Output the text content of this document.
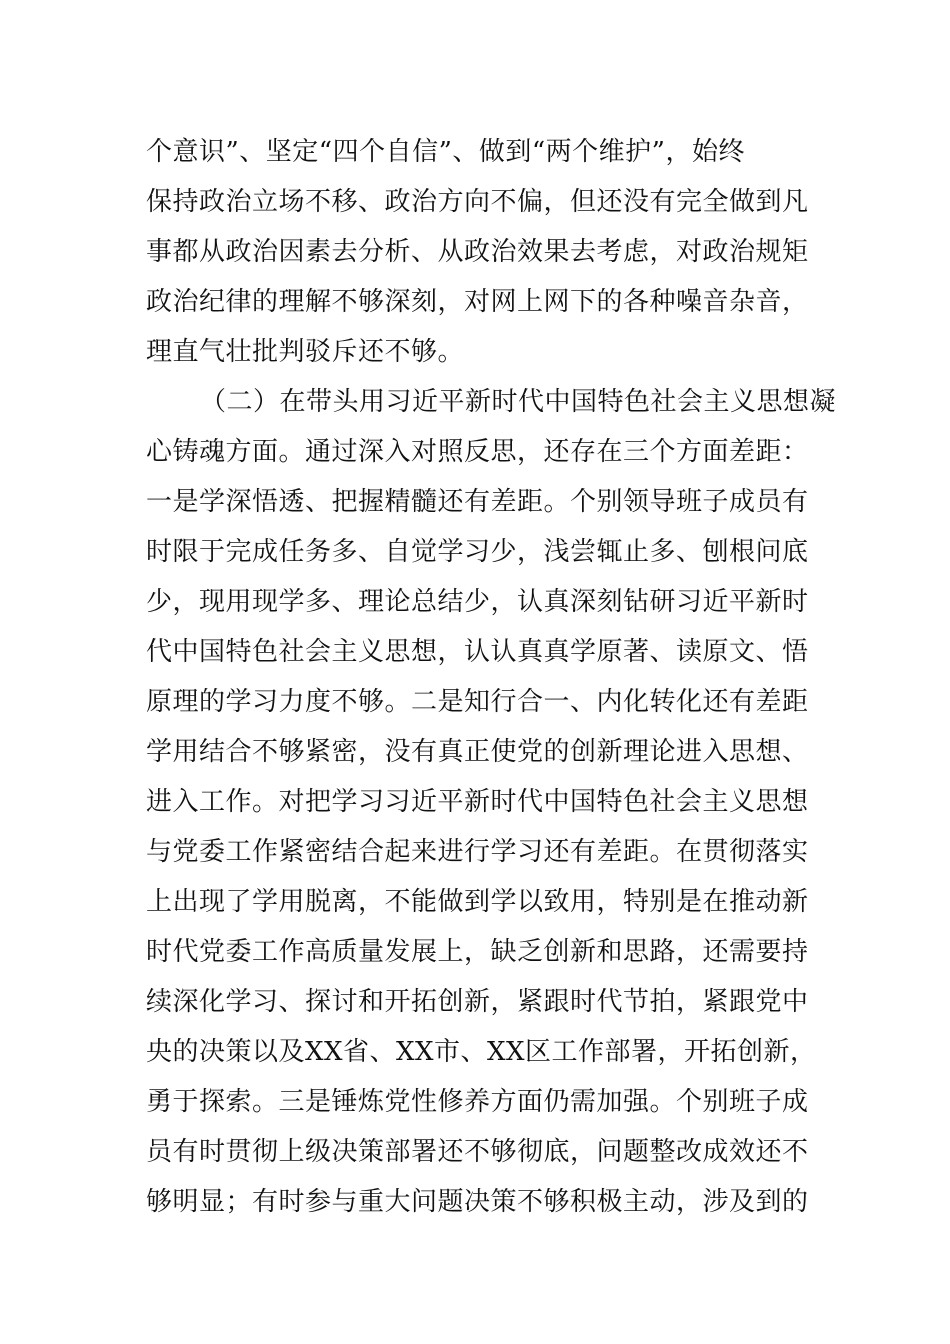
个意识”、坚定“四个自信”、做到“两个维护”，始终
保持政治立场不移、政治方向不偏，但还没有完全做到凡
事都从政治因素去分析、从政治效果去考虑，对政治规矩
政治纪律的理解不够深刻，对网上网下的各种噪音杂音，
理直气壮批判驳斥还不够。
（二）在带头用习近平新时代中国特色社会主义思想凝
心铸魂方面。通过深入对照反思，还存在三个方面差距：
一是学深悟透、把握精髓还有差距。个别领导班子成员有
时限于完成任务多、自觉学习少，浅尝辄止多、刨根问底
少，现用现学多、理论总结少，认真深刻钻研习近平新时
代中国特色社会主义思想，认认真真学原著、读原文、悟
原理的学习力度不够。二是知行合一、内化转化还有差距
学用结合不够紧密，没有真正使党的创新理论进入思想、
进入工作。对把学习习近平新时代中国特色社会主义思想
与党委工作紧密结合起来进行学习还有差距。在贯彻落实
上出现了学用脱离，不能做到学以致用，特别是在推动新
时代党委工作高质量发展上，缺乏创新和思路，还需要持
续深化学习、探讨和开拓创新，紧跟时代节拍，紧跟党中
央的决策以及XX省、XX市、XX区工作部署，开拓创新，
勇于探索。三是锤炼党性修养方面仍需加强。个别班子成
员有时贯彻上级决策部署还不够彻底，问题整改成效还不
够明显；有时参与重大问题决策不够积极主动，涉及到的
